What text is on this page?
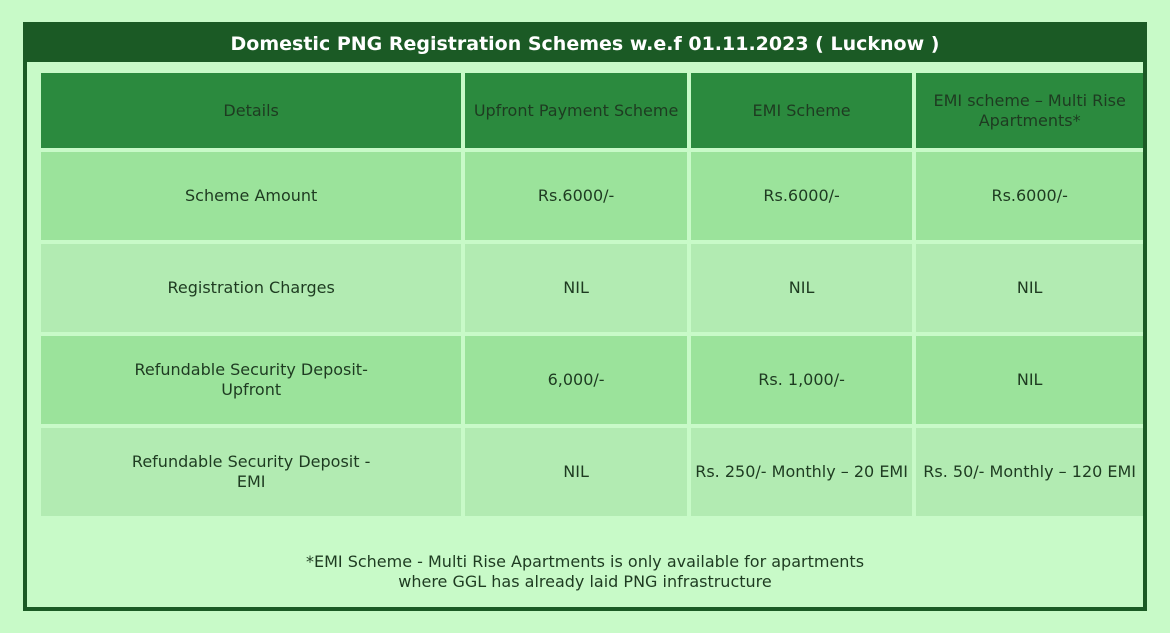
Domestic PNG Registration Schemes w.e.f 01.11.2023 ( Lucknow )
Details	Upfront Payment Scheme	EMI Scheme	EMI scheme – Multi Rise Apartments*
Scheme Amount	Rs.6000/-	Rs.6000/-	Rs.6000/-
Registration Charges	NIL	NIL	NIL
Refundable Security Deposit- Upfront	6,000/-	Rs. 1,000/-	NIL
Refundable Security Deposit - EMI	NIL	Rs. 250/- Monthly – 20 EMI	Rs. 50/- Monthly – 120 EMI
*EMI Scheme - Multi Rise Apartments is only available for apartments
where GGL has already laid PNG infrastructure
